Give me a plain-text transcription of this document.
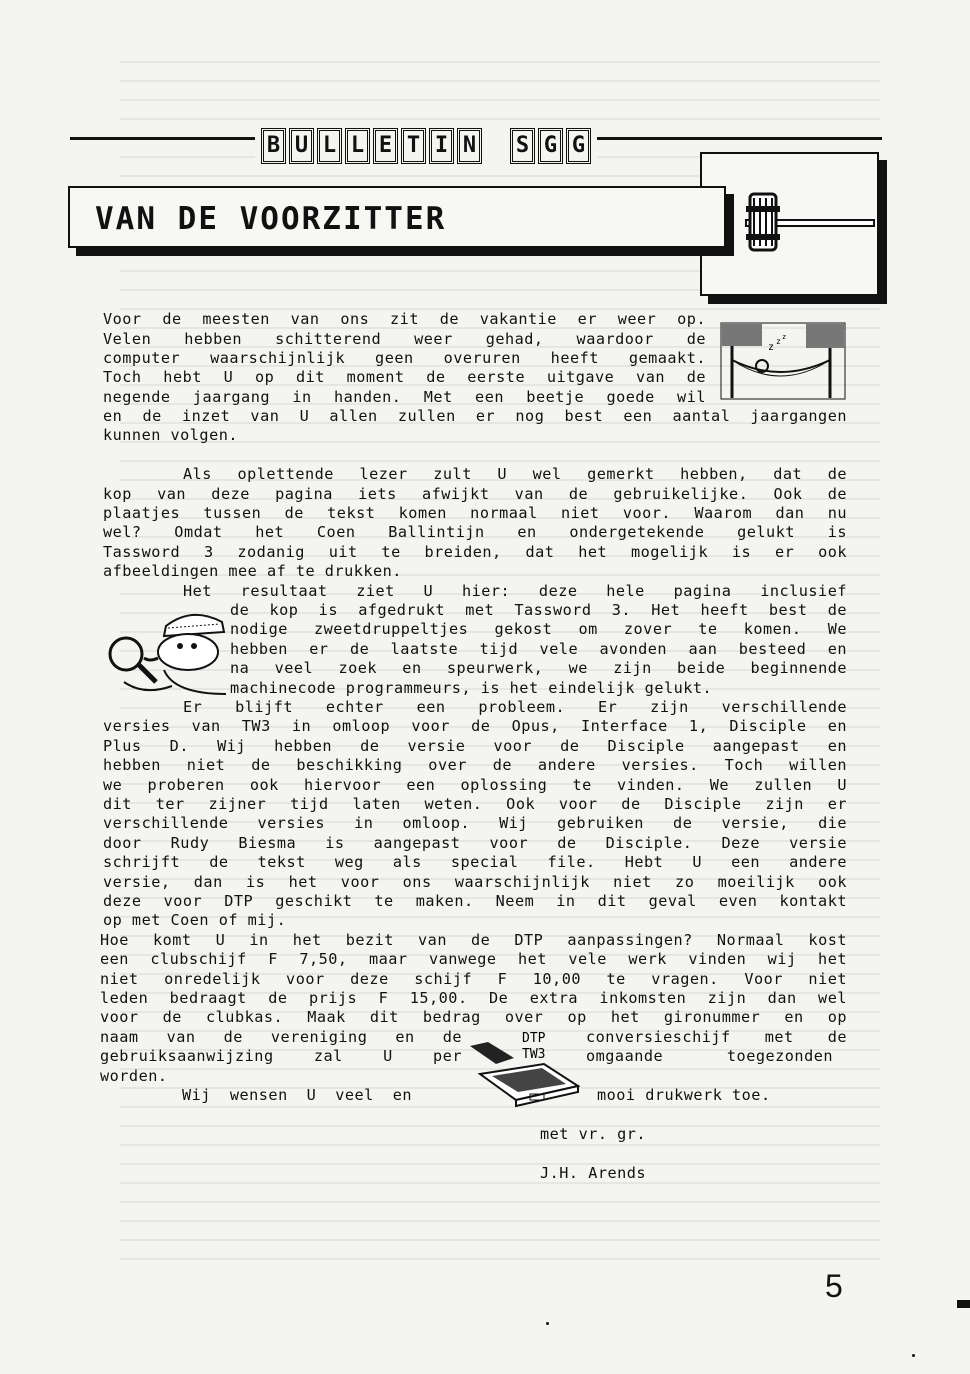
B U L L E T I N S G G
VAN DE VOORZITTER
z
z z
DTP
TW3
Voor de meesten van ons zit de vakantie er weer op.
Velen hebben schitterend weer gehad, waardoor de
computer waarschijnlijk geen overuren heeft gemaakt.
Toch hebt U op dit moment de eerste uitgave van de
negende jaargang in handen. Met een beetje goede wil
en de inzet van U allen zullen er nog best een aantal jaargangen
kunnen volgen.
Als oplettende lezer zult U wel gemerkt hebben, dat de
kop van deze pagina iets afwijkt van de gebruikelijke. Ook de
plaatjes tussen de tekst komen normaal niet voor. Waarom dan nu
wel? Omdat het Coen Ballintijn en ondergetekende gelukt is
Tassword 3 zodanig uit te breiden, dat het mogelijk is er ook
afbeeldingen mee af te drukken.
Het resultaat ziet U hier: deze hele pagina inclusief
de kop is afgedrukt met Tassword 3. Het heeft best de
nodige zweetdruppeltjes gekost om zover te komen. We
hebben er de laatste tijd vele avonden aan besteed en
na veel zoek en speurwerk, we zijn beide beginnende
machinecode programmeurs, is het eindelijk gelukt.
Er blijft echter een probleem. Er zijn verschillende
versies van TW3 in omloop voor de Opus, Interface 1, Disciple en
Plus D. Wij hebben de versie voor de Disciple aangepast en
hebben niet de beschikking over de andere versies. Toch willen
we proberen ook hiervoor een oplossing te vinden. We zullen U
dit ter zijner tijd laten weten. Ook voor de Disciple zijn er
verschillende versies in omloop. Wij gebruiken de versie, die
door Rudy Biesma is aangepast voor de Disciple. Deze versie
schrijft de tekst weg als special file. Hebt U een andere
versie, dan is het voor ons waarschijnlijk niet zo moeilijk ook
deze voor DTP geschikt te maken. Neem in dit geval even kontakt
op met Coen of mij.
Hoe komt U in het bezit van de DTP aanpassingen? Normaal kost
een clubschijf F 7,50, maar vanwege het vele werk vinden wij het
niet onredelijk voor deze schijf F 10,00 te vragen. Voor niet
leden bedraagt de prijs F 15,00. De extra inkomsten zijn dan wel
voor de clubkas. Maak dit bedrag over op het gironummer en op
naam van de vereniging en de	conversieschijf met de
gebruiksaanwijzing zal U per	omgaande toegezonden
worden.
Wij wensen U veel en	mooi drukwerk toe.
met vr. gr.
J.H. Arends
5
